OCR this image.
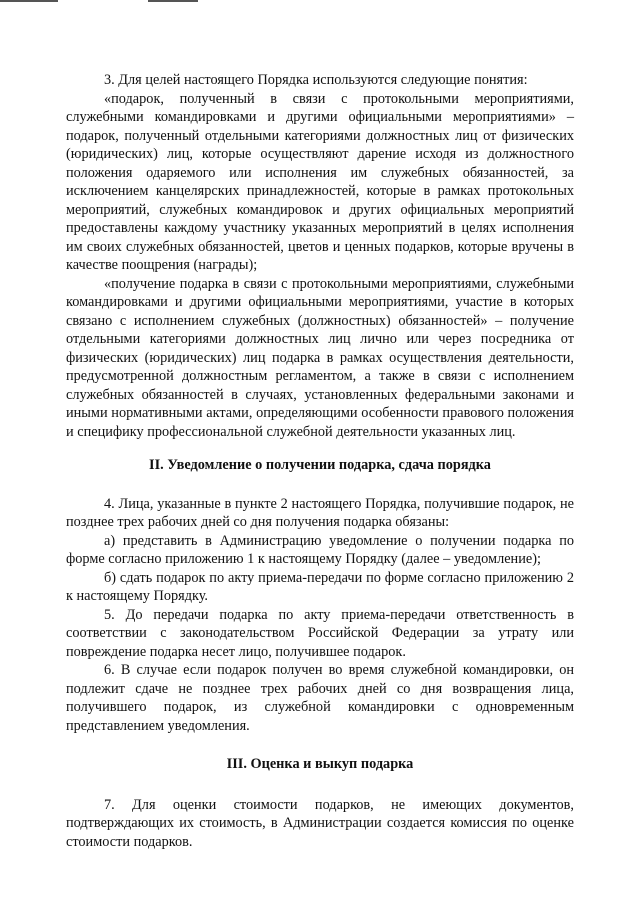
3. Для целей настоящего Порядка используются следующие понятия:

«подарок, полученный в связи с протокольными мероприятиями, служебными командировками и другими официальными мероприятиями» – подарок, полученный отдельными категориями должностных лиц от физических (юридических) лиц, которые осуществляют дарение исходя из должностного положения одаряемого или исполнения им служебных обязанностей, за исключением канцелярских принадлежностей, которые в рамках протокольных мероприятий, служебных командировок и других официальных мероприятий предоставлены каждому участнику указанных мероприятий в целях исполнения им своих служебных обязанностей, цветов и ценных подарков, которые вручены в качестве поощрения (награды);

«получение подарка в связи с протокольными мероприятиями, служебными командировками и другими официальными мероприятиями, участие в которых связано с исполнением служебных (должностных) обязанностей» – получение отдельными категориями должностных лиц лично или через посредника от физических (юридических) лиц подарка в рамках осуществления деятельности, предусмотренной должностным регламентом, а также в связи с исполнением служебных обязанностей в случаях, установленных федеральными законами и иными нормативными актами, определяющими особенности правового положения и специфику профессиональной служебной деятельности указанных лиц.

II. Уведомление о получении подарка, сдача порядка

4. Лица, указанные в пункте 2 настоящего Порядка, получившие подарок, не позднее трех рабочих дней со дня получения подарка обязаны:

а) представить в Администрацию уведомление о получении подарка по форме согласно приложению 1 к настоящему Порядку (далее – уведомление);

б) сдать подарок по акту приема-передачи по форме согласно приложению 2 к настоящему Порядку.

5. До передачи подарка по акту приема-передачи ответственность в соответствии с законодательством Российской Федерации за утрату или повреждение подарка несет лицо, получившее подарок.

6. В случае если подарок получен во время служебной командировки, он подлежит сдаче не позднее трех рабочих дней со дня возвращения лица, получившего подарок, из служебной командировки с одновременным представлением уведомления.

III. Оценка и выкуп подарка

7. Для оценки стоимости подарков, не имеющих документов, подтверждающих их стоимость, в Администрации создается комиссия по оценке стоимости подарков.
